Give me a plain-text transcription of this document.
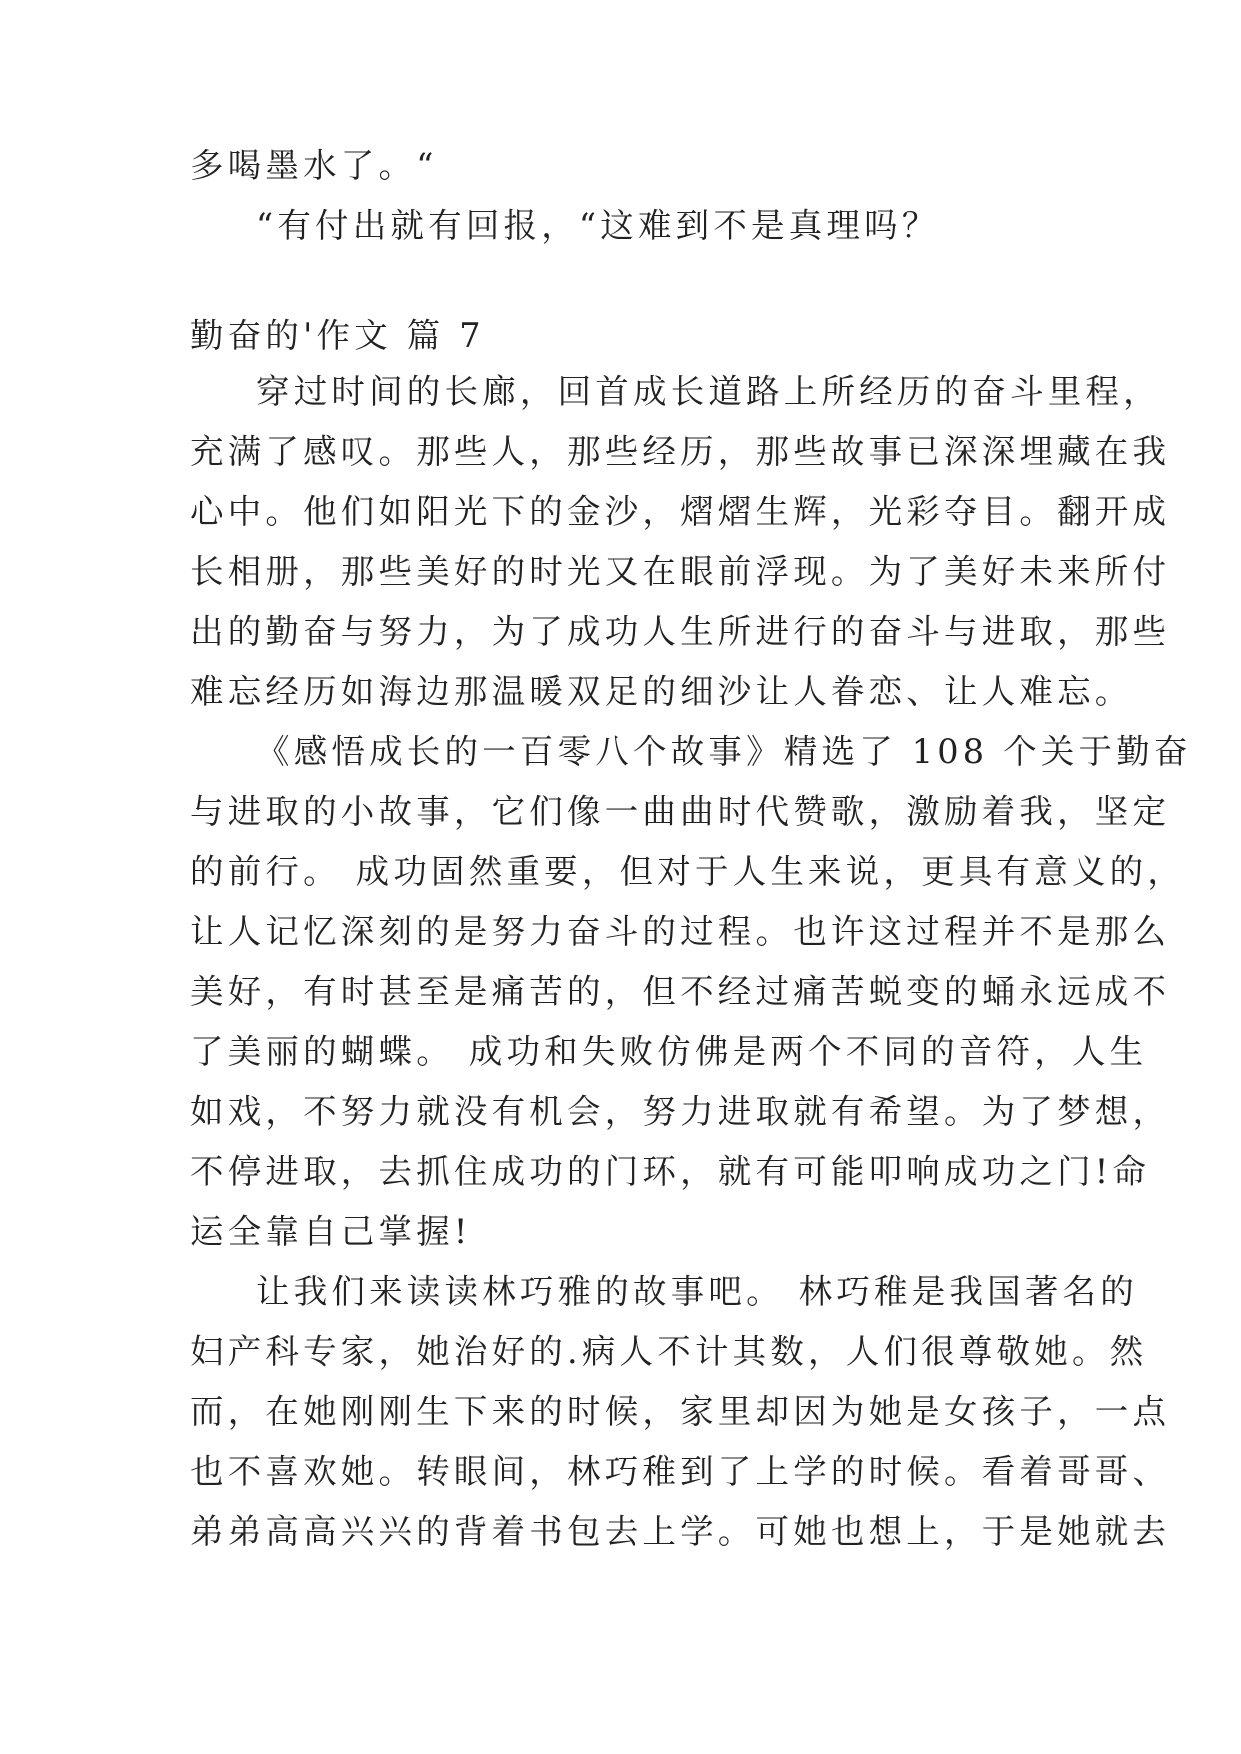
多喝墨水了。“
“有付出就有回报，“这难到不是真理吗？
勤奋的'作文 篇 7
穿过时间的长廊，回首成长道路上所经历的奋斗里程，
充满了感叹。那些人，那些经历，那些故事已深深埋藏在我
心中。他们如阳光下的金沙，熠熠生辉，光彩夺目。翻开成
长相册，那些美好的时光又在眼前浮现。为了美好未来所付
出的勤奋与努力，为了成功人生所进行的奋斗与进取，那些
难忘经历如海边那温暖双足的细沙让人眷恋、让人难忘。
《感悟成长的一百零八个故事》精选了 108 个关于勤奋
与进取的小故事，它们像一曲曲时代赞歌，激励着我，坚定
的前行。 成功固然重要，但对于人生来说，更具有意义的，
让人记忆深刻的是努力奋斗的过程。也许这过程并不是那么
美好，有时甚至是痛苦的，但不经过痛苦蜕变的蛹永远成不
了美丽的蝴蝶。 成功和失败仿佛是两个不同的音符，人生
如戏，不努力就没有机会，努力进取就有希望。为了梦想，
不停进取，去抓住成功的门环，就有可能叩响成功之门!命
运全靠自己掌握!
让我们来读读林巧雅的故事吧。 林巧稚是我国著名的
妇产科专家，她治好的.病人不计其数，人们很尊敬她。然
而，在她刚刚生下来的时候，家里却因为她是女孩子，一点
也不喜欢她。转眼间，林巧稚到了上学的时候。看着哥哥、
弟弟高高兴兴的背着书包去上学。可她也想上，于是她就去
